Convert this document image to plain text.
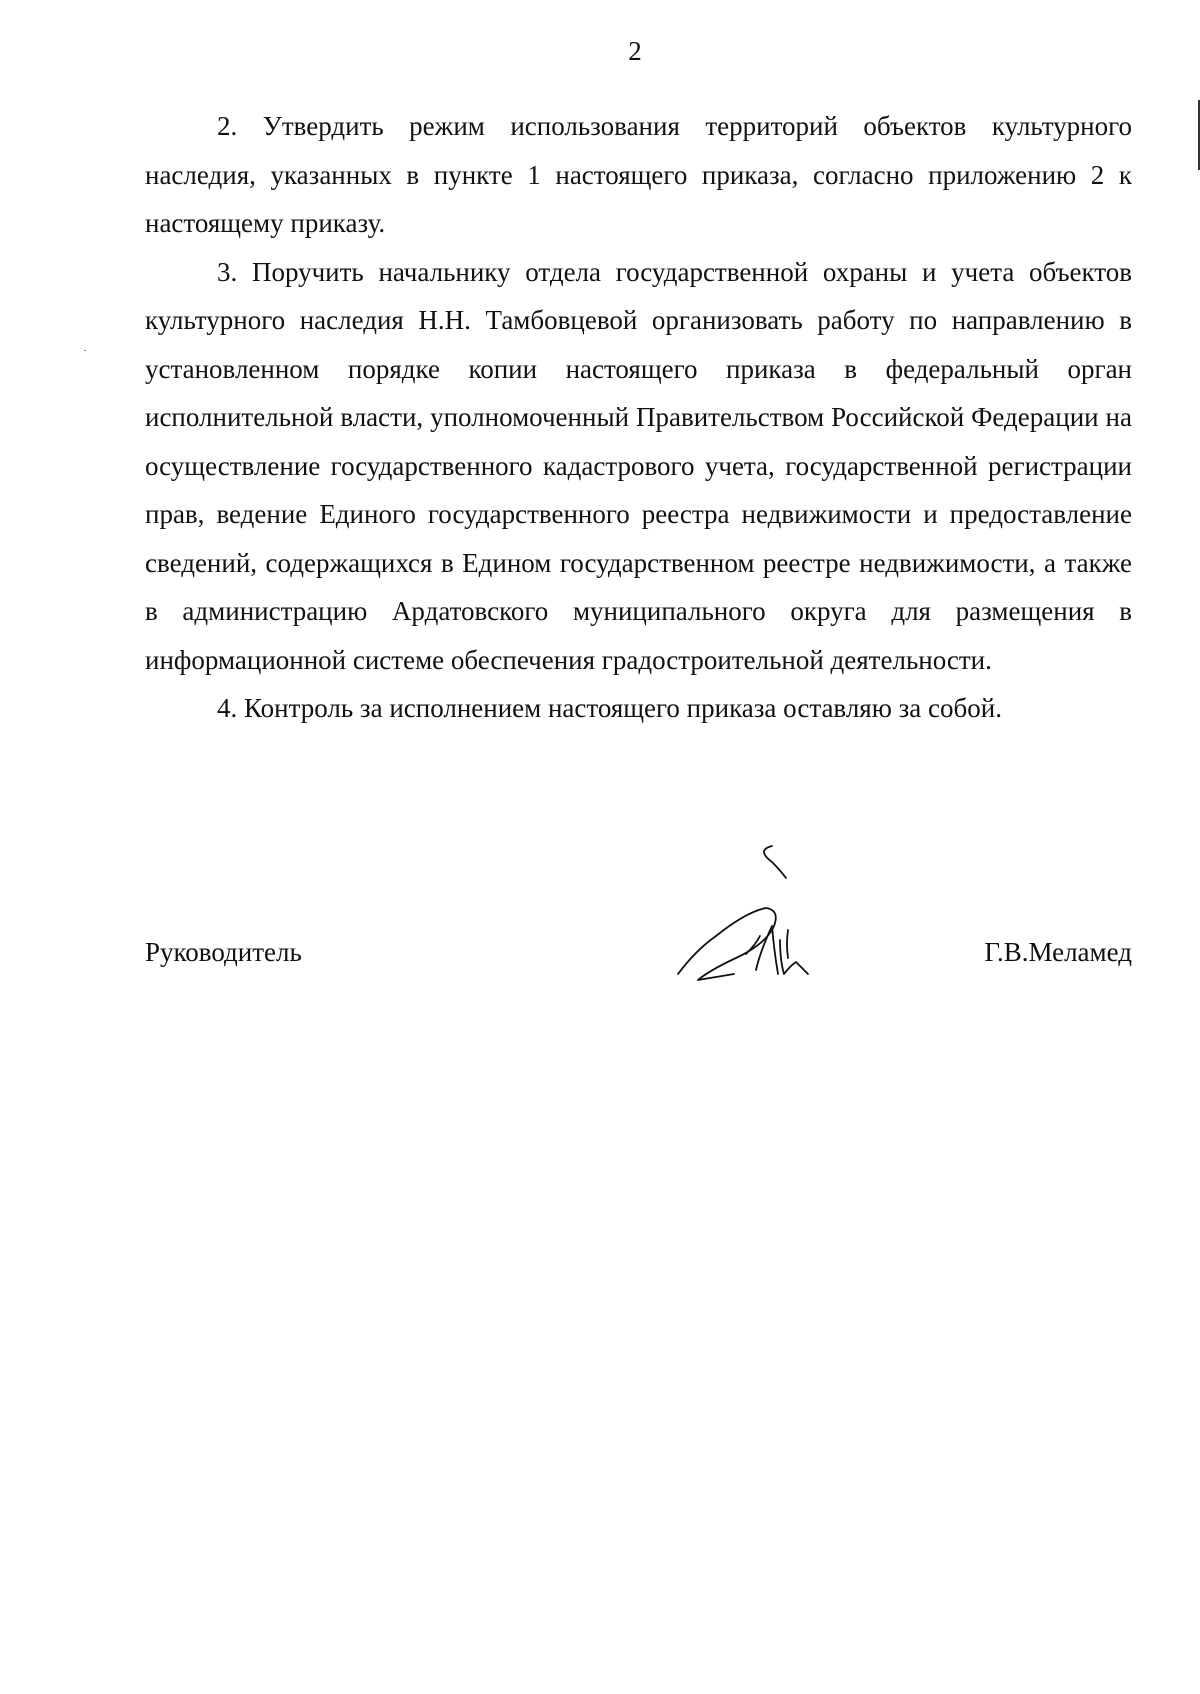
2

2. Утвердить режим использования территорий объектов культурного наследия, указанных в пункте 1 настоящего приказа, согласно приложению 2 к настоящему приказу.

3. Поручить начальнику отдела государственной охраны и учета объектов культурного наследия Н.Н. Тамбовцевой организовать работу по направлению в установленном порядке копии настоящего приказа в федеральный орган исполнительной власти, уполномоченный Правительством Российской Федерации на осуществление государственного кадастрового учета, государственной регистрации прав, ведение Единого государственного реестра недвижимости и предоставление сведений, содержащихся в Едином государственном реестре недвижимости, а также в администрацию Ардатовского муниципального округа для размещения в информационной системе обеспечения градостроительной деятельности.

4. Контроль за исполнением настоящего приказа оставляю за собой.

Руководитель	Г.В.Меламед
